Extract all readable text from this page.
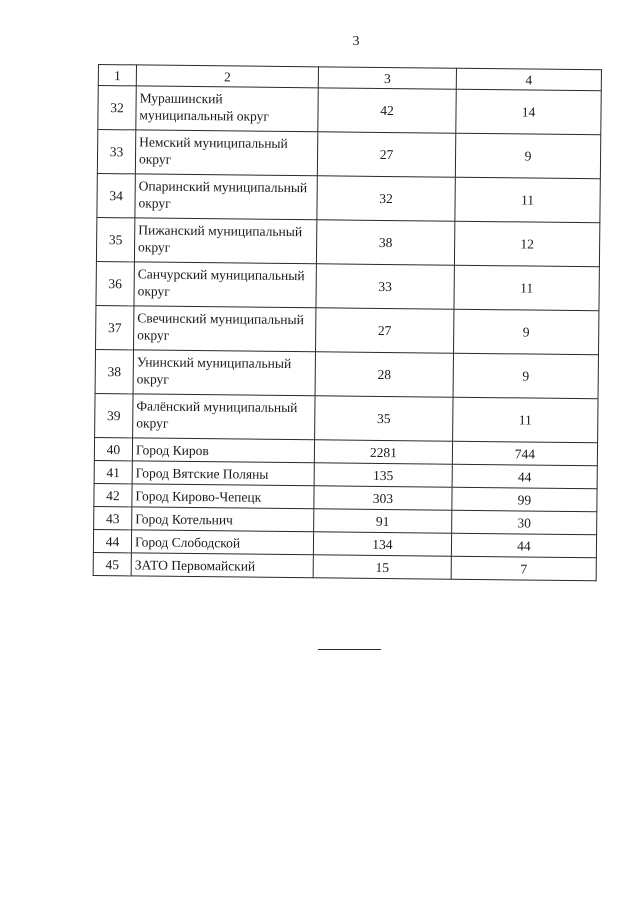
3
1	2	3	4
32	Мурашинский муниципальный округ	42	14
33	Немский муниципальный округ	27	9
34	Опаринский муниципальный округ	32	11
35	Пижанский муниципальный округ	38	12
36	Санчурский муниципальный округ	33	11
37	Свечинский муниципальный округ	27	9
38	Унинский муниципальный округ	28	9
39	Фалёнский муниципальный округ	35	11
40	Город Киров	2281	744
41	Город Вятские Поляны	135	44
42	Город Кирово-Чепецк	303	99
43	Город Котельнич	91	30
44	Город Слободской	134	44
45	ЗАТО Первомайский	15	7
